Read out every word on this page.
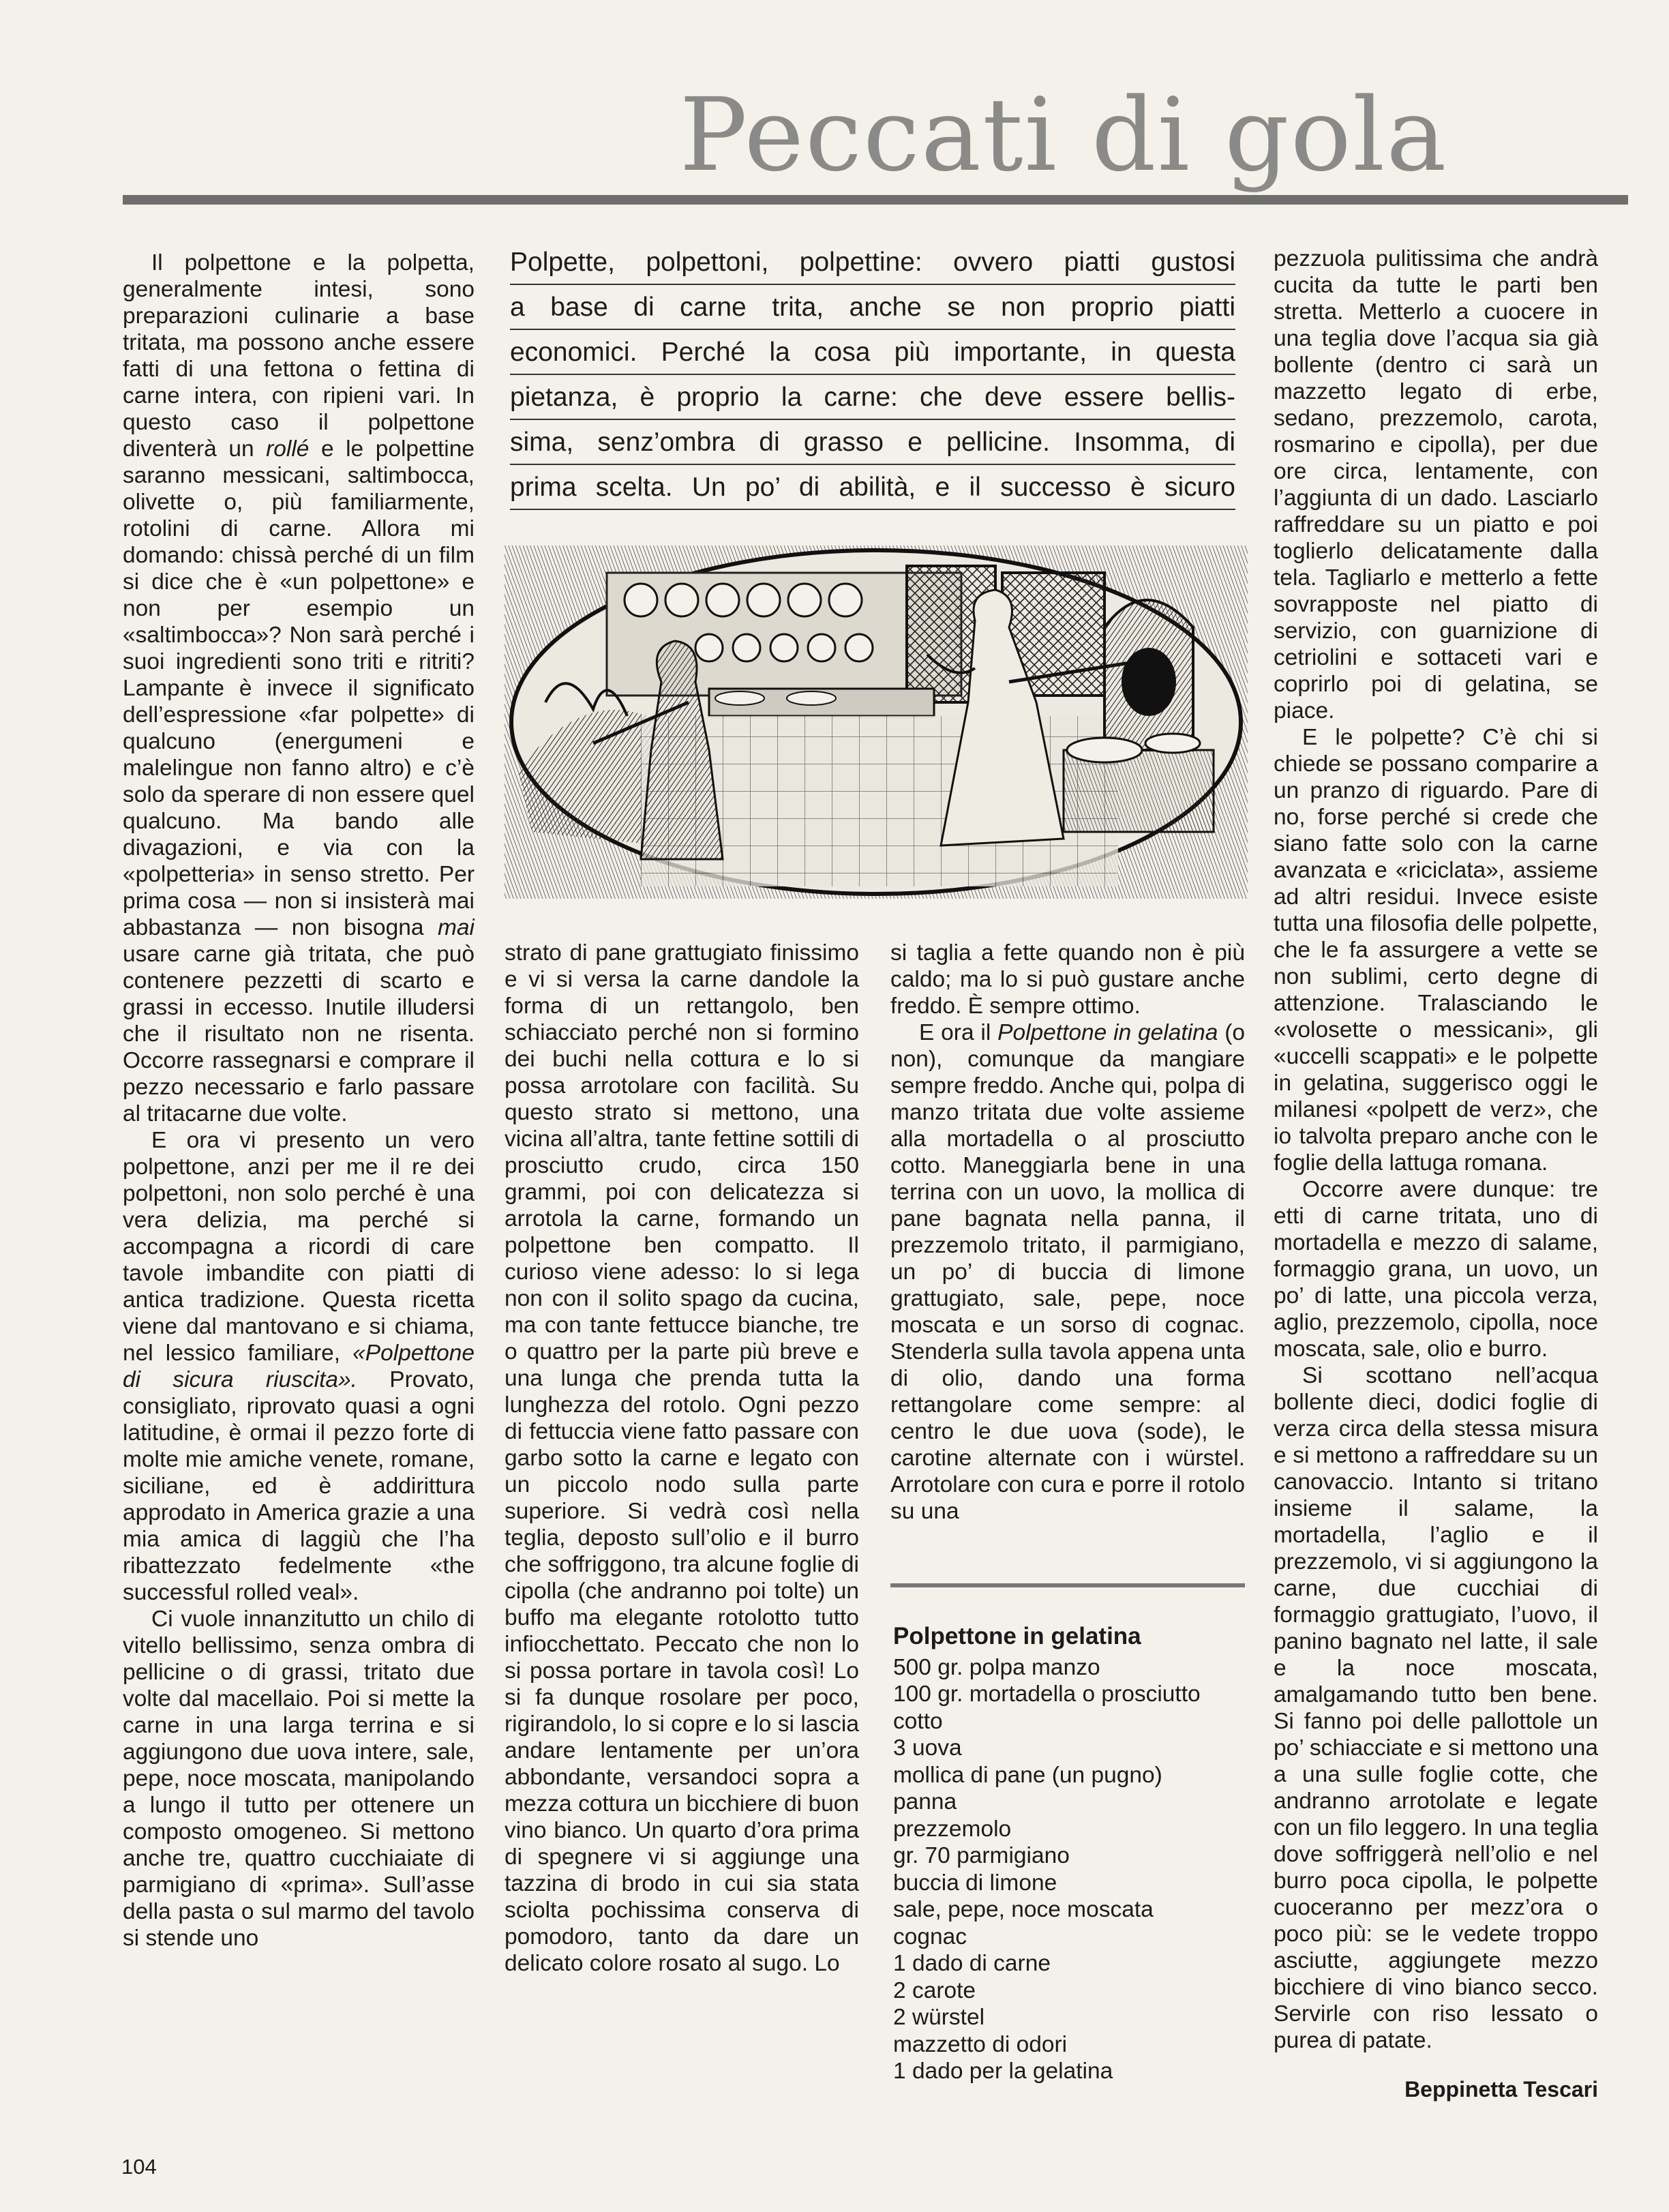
Peccati di gola

Il polpettone e la polpetta, generalmente intesi, sono preparazioni culinarie a base tritata, ma possono anche essere fatti di una fettona o fettina di carne intera, con ripieni vari. In questo caso il polpettone diventerà un rollé e le polpettine saranno messicani, saltimbocca, olivette o, più familiarmente, rotolini di carne. Allora mi domando: chissà perché di un film si dice che è «un polpettone» e non per esempio un «saltimbocca»? Non sarà perché i suoi ingredienti sono triti e ritriti? Lampante è invece il significato dell’espressione «far polpette» di qualcuno (energumeni e malelingue non fanno altro) e c’è solo da sperare di non essere quel qualcuno. Ma bando alle divagazioni, e via con la «polpetteria» in senso stretto. Per prima cosa — non si insisterà mai abbastanza — non bisogna mai usare carne già tritata, che può contenere pezzetti di scarto e grassi in eccesso. Inutile illudersi che il risultato non ne risenta. Occorre rassegnarsi e comprare il pezzo necessario e farlo passare al tritacarne due volte.

E ora vi presento un vero polpettone, anzi per me il re dei polpettoni, non solo perché è una vera delizia, ma perché si accompagna a ricordi di care tavole imbandite con piatti di antica tradizione. Questa ricetta viene dal mantovano e si chiama, nel lessico familiare, «Polpettone di sicura riuscita». Provato, consigliato, riprovato quasi a ogni latitudine, è ormai il pezzo forte di molte mie amiche venete, romane, siciliane, ed è addirittura approdato in America grazie a una mia amica di laggiù che l’ha ribattezzato fedelmente «the successful rolled veal».

Ci vuole innanzitutto un chilo di vitello bellissimo, senza ombra di pellicine o di grassi, tritato due volte dal macellaio. Poi si mette la carne in una larga terrina e si aggiungono due uova intere, sale, pepe, noce moscata, manipolando a lungo il tutto per ottenere un composto omogeneo. Si mettono anche tre, quattro cucchiaiate di parmigiano di «prima». Sull’asse della pasta o sul marmo del tavolo si stende uno

Polpette, polpettoni, polpettine: ovvero piatti gustosi
a base di carne trita, anche se non proprio piatti
economici. Perché la cosa più importante, in questa
pietanza, è proprio la carne: che deve essere bellis-
sima, senz’ombra di grasso e pellicine. Insomma, di
prima scelta. Un po’ di abilità, e il successo è sicuro

strato di pane grattugiato finissimo e vi si versa la carne dandole la forma di un rettangolo, ben schiacciato perché non si formino dei buchi nella cottura e lo si possa arrotolare con facilità. Su questo strato si mettono, una vicina all’altra, tante fettine sottili di prosciutto crudo, circa 150 grammi, poi con delicatezza si arrotola la carne, formando un polpettone ben compatto. Il curioso viene adesso: lo si lega non con il solito spago da cucina, ma con tante fettucce bianche, tre o quattro per la parte più breve e una lunga che prenda tutta la lunghezza del rotolo. Ogni pezzo di fettuccia viene fatto passare con garbo sotto la carne e legato con un piccolo nodo sulla parte superiore. Si vedrà così nella teglia, deposto sull’olio e il burro che soffriggono, tra alcune foglie di cipolla (che andranno poi tolte) un buffo ma elegante rotolotto tutto infiocchettato. Peccato che non lo si possa portare in tavola così! Lo si fa dunque rosolare per poco, rigirandolo, lo si copre e lo si lascia andare lentamente per un’ora abbondante, versandoci sopra a mezza cottura un bicchiere di buon vino bianco. Un quarto d’ora prima di spegnere vi si aggiunge una tazzina di brodo in cui sia stata sciolta pochissima conserva di pomodoro, tanto da dare un delicato colore rosato al sugo. Lo

si taglia a fette quando non è più caldo; ma lo si può gustare anche freddo. È sempre ottimo.

E ora il Polpettone in gelatina (o non), comunque da mangiare sempre freddo. Anche qui, polpa di manzo tritata due volte assieme alla mortadella o al prosciutto cotto. Maneggiarla bene in una terrina con un uovo, la mollica di pane bagnata nella panna, il prezzemolo tritato, il parmigiano, un po’ di buccia di limone grattugiato, sale, pepe, noce moscata e un sorso di cognac. Stenderla sulla tavola appena unta di olio, dando una forma rettangolare come sempre: al centro le due uova (sode), le carotine alternate con i würstel. Arrotolare con cura e porre il rotolo su una

Polpettone in gelatina
500 gr. polpa manzo
100 gr. mortadella o prosciutto cotto
3 uova
mollica di pane (un pugno)
panna
prezzemolo
gr. 70 parmigiano
buccia di limone
sale, pepe, noce moscata
cognac
1 dado di carne
2 carote
2 würstel
mazzetto di odori
1 dado per la gelatina

pezzuola pulitissima che andrà cucita da tutte le parti ben stretta. Metterlo a cuocere in una teglia dove l’acqua sia già bollente (dentro ci sarà un mazzetto legato di erbe, sedano, prezzemolo, carota, rosmarino e cipolla), per due ore circa, lentamente, con l’aggiunta di un dado. Lasciarlo raffreddare su un piatto e poi toglierlo delicatamente dalla tela. Tagliarlo e metterlo a fette sovrapposte nel piatto di servizio, con guarnizione di cetriolini e sottaceti vari e coprirlo poi di gelatina, se piace.

E le polpette? C’è chi si chiede se possano comparire a un pranzo di riguardo. Pare di no, forse perché si crede che siano fatte solo con la carne avanzata e «riciclata», assieme ad altri residui. Invece esiste tutta una filosofia delle polpette, che le fa assurgere a vette se non sublimi, certo degne di attenzione. Tralasciando le «volosette o messicani», gli «uccelli scappati» e le polpette in gelatina, suggerisco oggi le milanesi «polpett de verz», che io talvolta preparo anche con le foglie della lattuga romana.

Occorre avere dunque: tre etti di carne tritata, uno di mortadella e mezzo di salame, formaggio grana, un uovo, un po’ di latte, una piccola verza, aglio, prezzemolo, cipolla, noce moscata, sale, olio e burro.

Si scottano nell’acqua bollente dieci, dodici foglie di verza circa della stessa misura e si mettono a raffreddare su un canovaccio. Intanto si tritano insieme il salame, la mortadella, l’aglio e il prezzemolo, vi si aggiungono la carne, due cucchiai di formaggio grattugiato, l’uovo, il panino bagnato nel latte, il sale e la noce moscata, amalgamando tutto ben bene. Si fanno poi delle pallottole un po’ schiacciate e si mettono una a una sulle foglie cotte, che andranno arrotolate e legate con un filo leggero. In una teglia dove soffriggerà nell’olio e nel burro poca cipolla, le polpette cuoceranno per mezz’ora o poco più: se le vedete troppo asciutte, aggiungete mezzo bicchiere di vino bianco secco. Servirle con riso lessato o purea di patate.

Beppinetta Tescari
104
